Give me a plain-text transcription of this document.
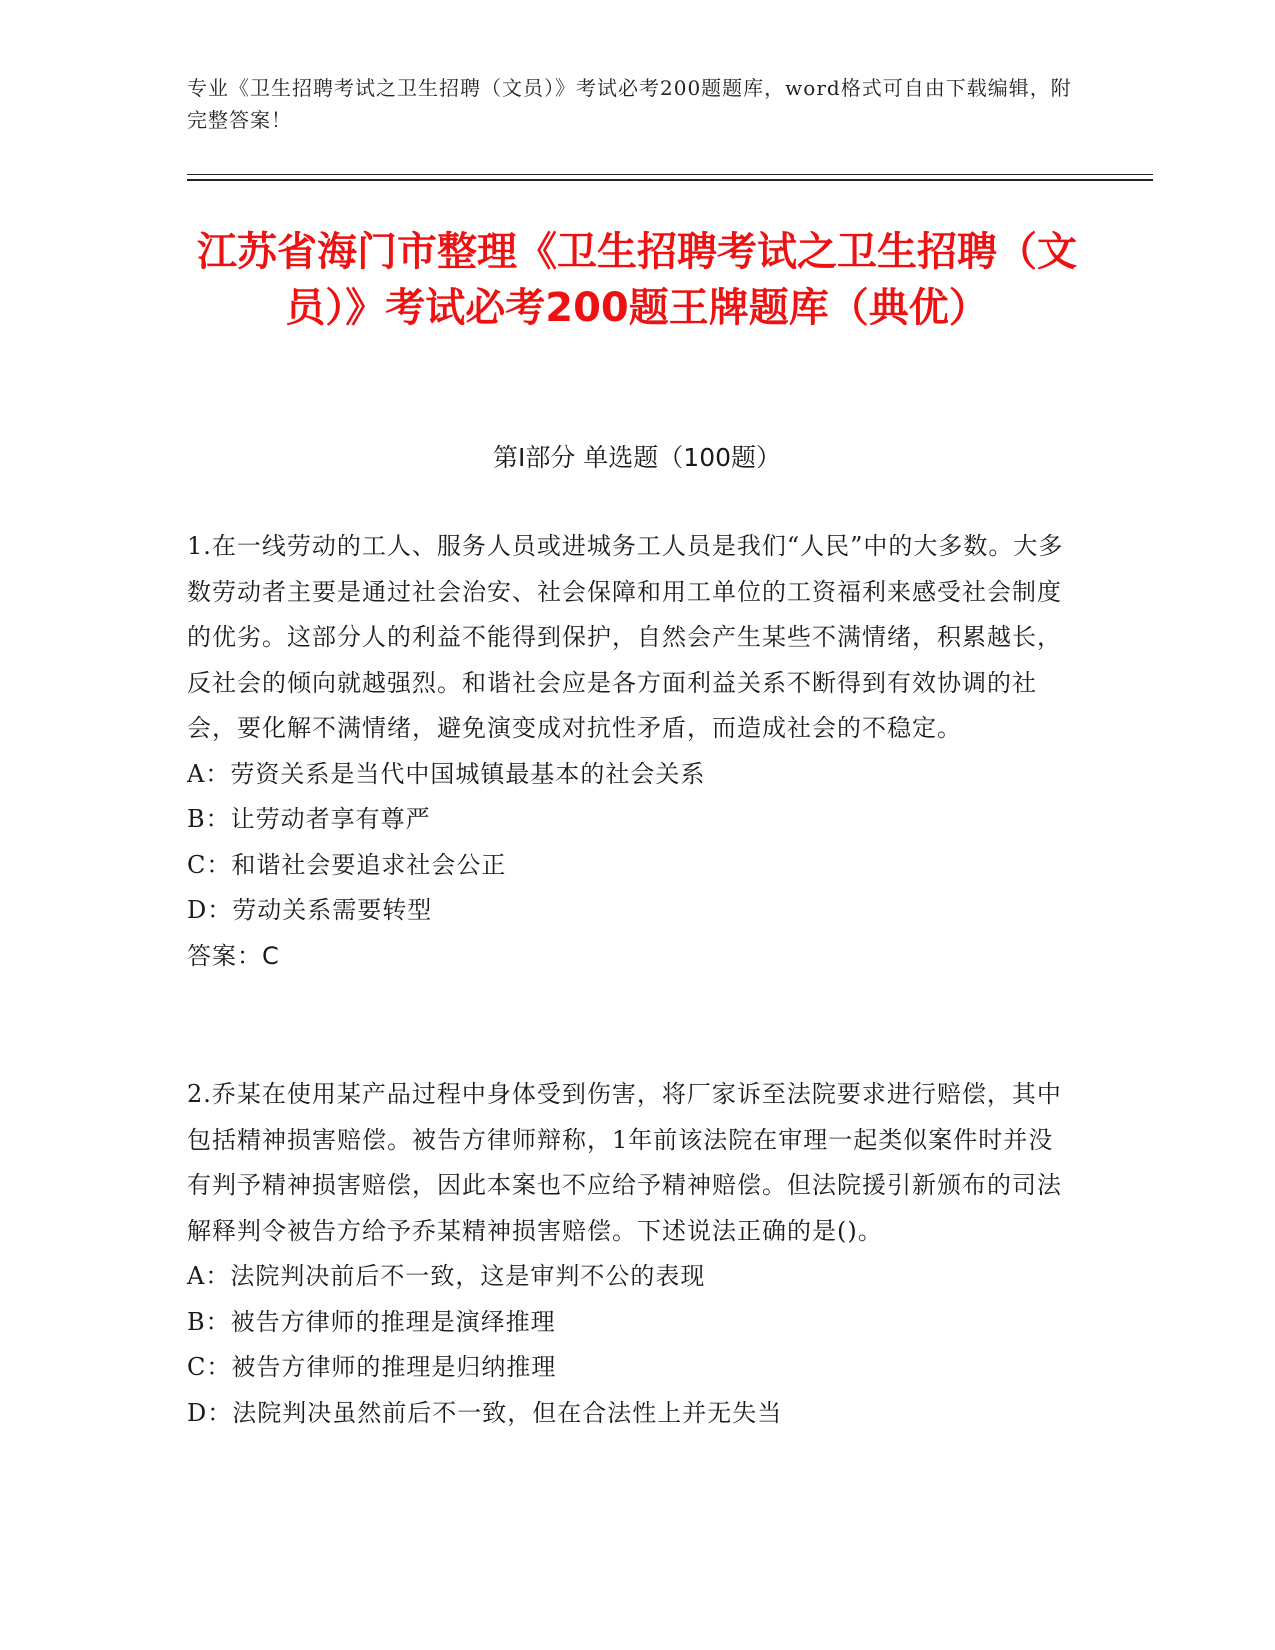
专业《卫生招聘考试之卫生招聘（文员）》考试必考200题题库，word格式可自由下载编辑，附完整答案！
江苏省海门市整理《卫生招聘考试之卫生招聘（文员）》考试必考200题王牌题库（典优）
第Ⅰ部分 单选题（100题）
1.在一线劳动的工人、服务人员或进城务工人员是我们“人民”中的大多数。大多数劳动者主要是通过社会治安、社会保障和用工单位的工资福利来感受社会制度的优劣。这部分人的利益不能得到保护，自然会产生某些不满情绪，积累越长，反社会的倾向就越强烈。和谐社会应是各方面利益关系不断得到有效协调的社会，要化解不满情绪，避免演变成对抗性矛盾，而造成社会的不稳定。
A：劳资关系是当代中国城镇最基本的社会关系
B：让劳动者享有尊严
C：和谐社会要追求社会公正
D：劳动关系需要转型
答案：C
2.乔某在使用某产品过程中身体受到伤害，将厂家诉至法院要求进行赔偿，其中包括精神损害赔偿。被告方律师辩称，1年前该法院在审理一起类似案件时并没有判予精神损害赔偿，因此本案也不应给予精神赔偿。但法院援引新颁布的司法解释判令被告方给予乔某精神损害赔偿。下述说法正确的是()。
A：法院判决前后不一致，这是审判不公的表现
B：被告方律师的推理是演绎推理
C：被告方律师的推理是归纳推理
D：法院判决虽然前后不一致，但在合法性上并无失当
